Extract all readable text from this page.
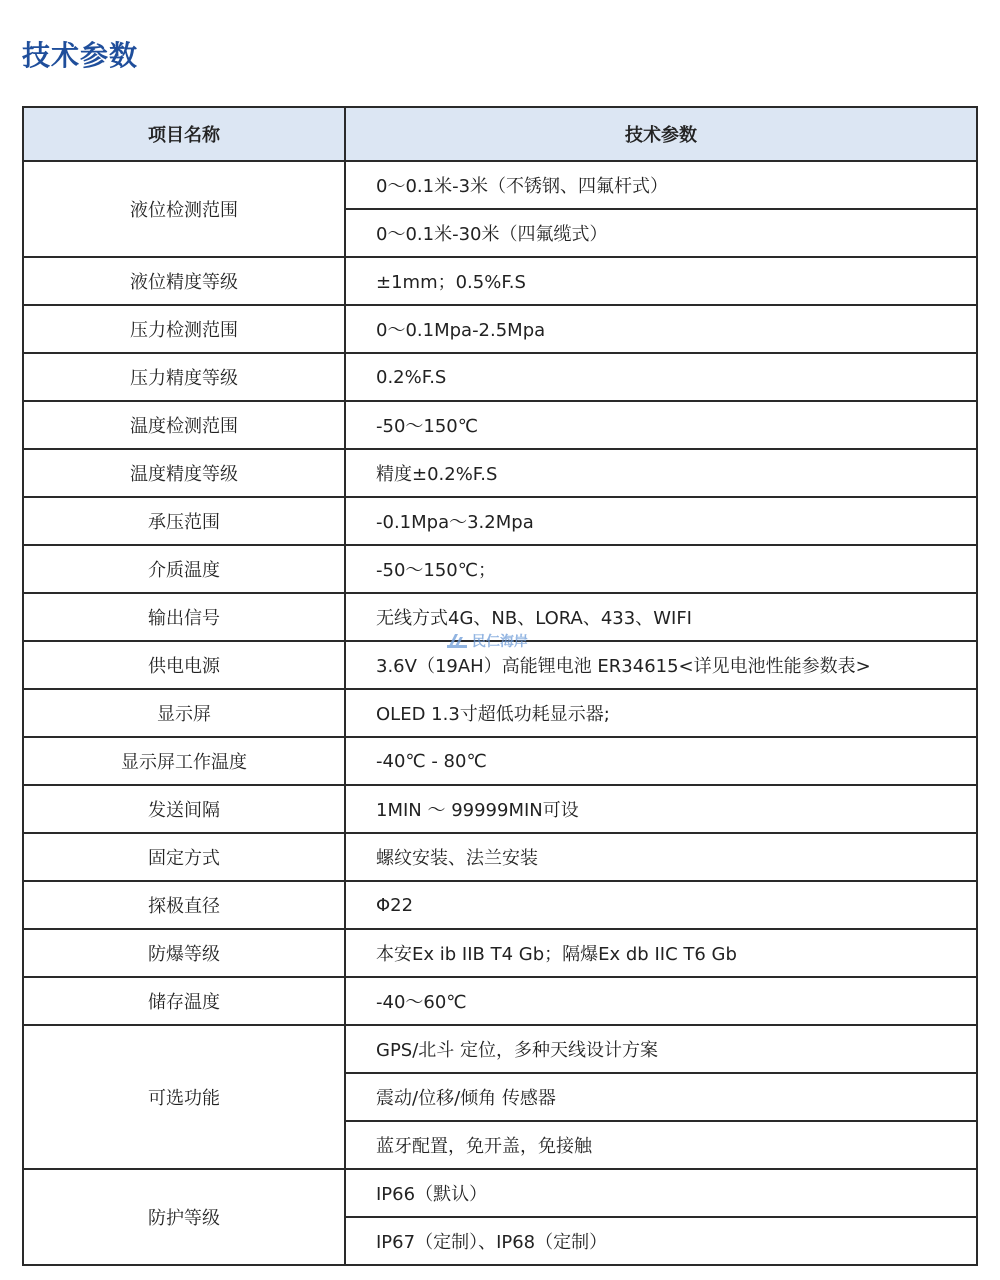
技术参数
项目名称	技术参数
液位检测范围	0～0.1米-3米（不锈钢、四氟杆式）
	0～0.1米-30米（四氟缆式）
液位精度等级	±1mm；0.5%F.S
压力检测范围	0～0.1Mpa-2.5Mpa
压力精度等级	0.2%F.S
温度检测范围	-50～150℃
温度精度等级	精度±0.2%F.S
承压范围	-0.1Mpa～3.2Mpa
介质温度	-50～150℃；
输出信号	无线方式4G、NB、LORA、433、WIFI
供电电源	3.6V（19AH）高能锂电池 ER34615<详见电池性能参数表>
显示屏	OLED 1.3寸超低功耗显示器;
显示屏工作温度	-40℃ - 80℃
发送间隔	1MIN ～ 99999MIN可设
固定方式	螺纹安装、法兰安装
探极直径	Φ22
防爆等级	本安Ex ib IIB T4 Gb；隔爆Ex db IIC T6 Gb
储存温度	-40～60℃
可选功能	GPS/北斗 定位，多种天线设计方案
	震动/位移/倾角 传感器
	蓝牙配置，免开盖，免接触
防护等级	IP66（默认）
	IP67（定制）、IP68（定制）
民仁海岸
